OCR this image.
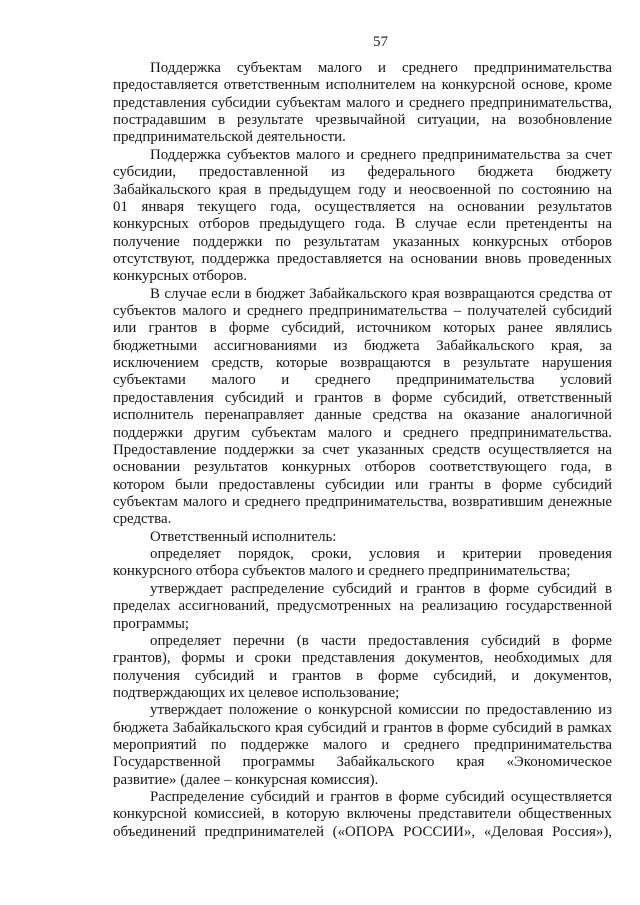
57
Поддержка субъектам малого и среднего предпринимательства
предоставляется ответственным исполнителем на конкурсной основе, кроме
представления субсидии субъектам малого и среднего предпринимательства,
пострадавшим в результате чрезвычайной ситуации, на возобновление
предпринимательской деятельности.
Поддержка субъектов малого и среднего предпринимательства за счет
субсидии, предоставленной из федерального бюджета бюджету
Забайкальского края в предыдущем году и неосвоенной по состоянию на
01 января текущего года, осуществляется на основании результатов
конкурсных отборов предыдущего года. В случае если претенденты на
получение поддержки по результатам указанных конкурсных отборов
отсутствуют, поддержка предоставляется на основании вновь проведенных
конкурсных отборов.
В случае если в бюджет Забайкальского края возвращаются средства от
субъектов малого и среднего предпринимательства – получателей субсидий
или грантов в форме субсидий, источником которых ранее являлись
бюджетными ассигнованиями из бюджета Забайкальского края, за
исключением средств, которые возвращаются в результате нарушения
субъектами малого и среднего предпринимательства условий
предоставления субсидий и грантов в форме субсидий, ответственный
исполнитель перенаправляет данные средства на оказание аналогичной
поддержки другим субъектам малого и среднего предпринимательства.
Предоставление поддержки за счет указанных средств осуществляется на
основании результатов конкурных отборов соответствующего года, в
котором были предоставлены субсидии или гранты в форме субсидий
субъектам малого и среднего предпринимательства, возвратившим денежные
средства.
Ответственный исполнитель:
определяет порядок, сроки, условия и критерии проведения
конкурсного отбора субъектов малого и среднего предпринимательства;
утверждает распределение субсидий и грантов в форме субсидий в
пределах ассигнований, предусмотренных на реализацию государственной
программы;
определяет перечни (в части предоставления субсидий в форме
грантов), формы и сроки представления документов, необходимых для
получения субсидий и грантов в форме субсидий, и документов,
подтверждающих их целевое использование;
утверждает положение о конкурсной комиссии по предоставлению из
бюджета Забайкальского края субсидий и грантов в форме субсидий в рамках
мероприятий по поддержке малого и среднего предпринимательства
Государственной программы Забайкальского края «Экономическое
развитие» (далее – конкурсная комиссия).
Распределение субсидий и грантов в форме субсидий осуществляется
конкурсной комиссией, в которую включены представители общественных
объединений предпринимателей («ОПОРА РОССИИ», «Деловая Россия»),
